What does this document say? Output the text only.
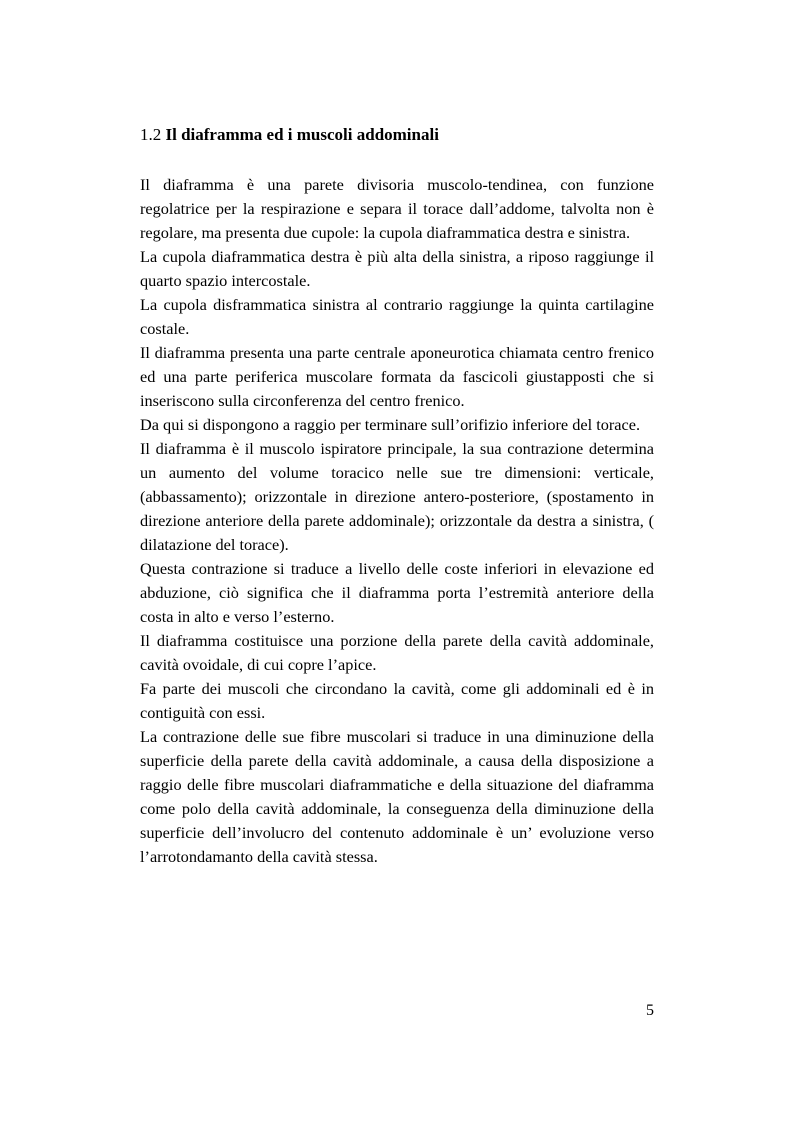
1.2 Il diaframma ed i muscoli addominali

Il diaframma è una parete divisoria muscolo-tendinea, con funzione regolatrice per la respirazione e separa il torace dall’addome, talvolta non è regolare, ma presenta due cupole: la cupola diaframmatica destra e sinistra.

La cupola diaframmatica destra è più alta della sinistra, a riposo raggiunge il quarto spazio intercostale.

La cupola disframmatica sinistra al contrario raggiunge la quinta cartilagine costale.

Il diaframma presenta una parte centrale aponeurotica chiamata centro frenico ed una parte periferica muscolare formata da fascicoli giustapposti che si inseriscono sulla circonferenza del centro frenico.

Da qui si dispongono a raggio per terminare sull’orifizio inferiore del torace.

Il diaframma è il muscolo ispiratore principale, la sua contrazione determina un aumento del volume toracico nelle sue tre dimensioni: verticale, (abbassamento); orizzontale in direzione antero-posteriore, (spostamento in direzione anteriore della parete addominale); orizzontale da destra a sinistra, ( dilatazione del torace).

Questa contrazione si traduce a livello delle coste inferiori in elevazione ed abduzione, ciò significa che il diaframma porta l’estremità anteriore della costa in alto e verso l’esterno.

Il diaframma costituisce una porzione della parete della cavità addominale, cavità ovoidale, di cui copre l’apice.

Fa parte dei muscoli che circondano la cavità, come gli addominali ed è in contiguità con essi.

La contrazione delle sue fibre muscolari si traduce in una diminuzione della superficie della parete della cavità addominale, a causa della disposizione a raggio delle fibre muscolari diaframmatiche e della situazione del diaframma come polo della cavità addominale, la conseguenza della diminuzione della superficie dell’involucro del contenuto addominale è un’ evoluzione verso l’arrotondamanto della cavità stessa.

5
